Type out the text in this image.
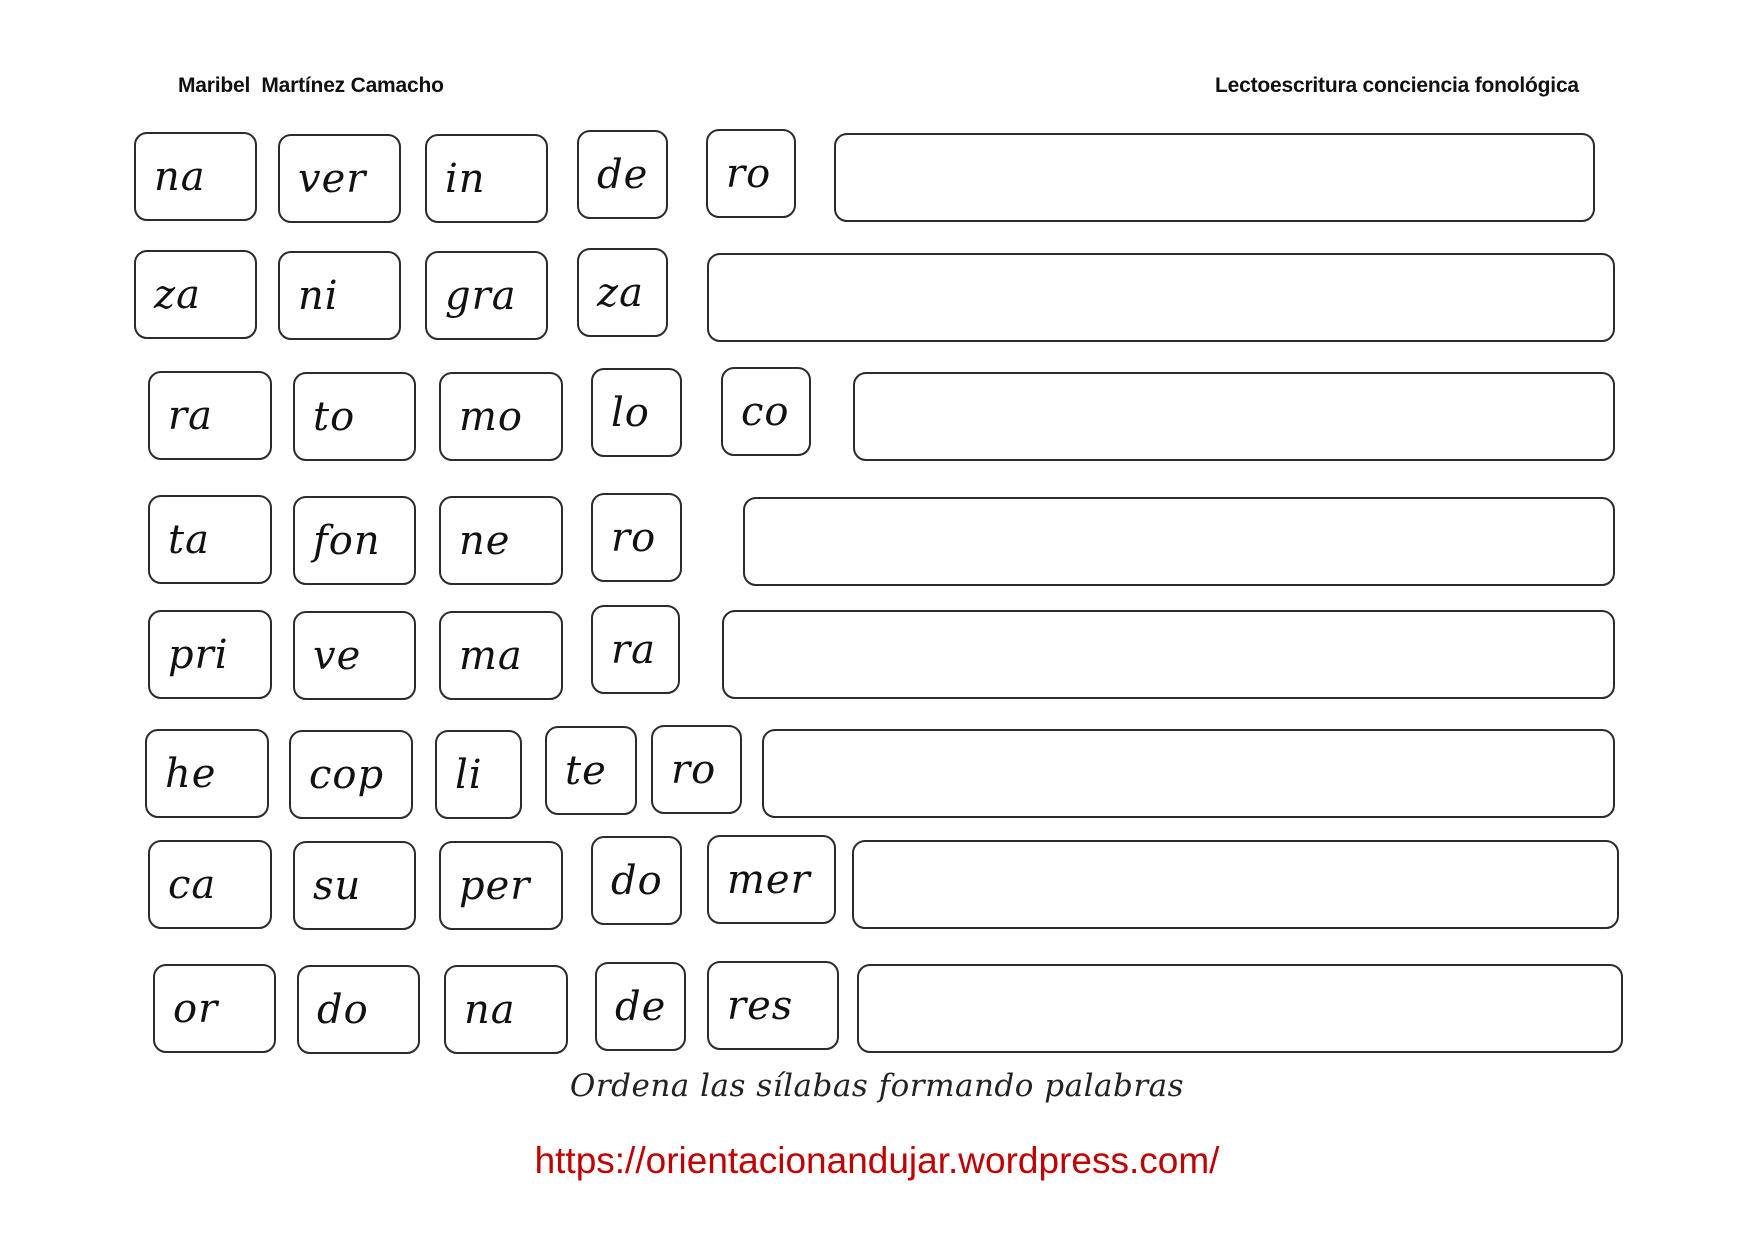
Maribel  Martínez Camacho	Lectoescritura conciencia fonológica
na	ver	in	de	ro
za	ni	gra	za
ra	to	mo	lo	co
ta	fon	ne	ro
pri	ve	ma	ra
he	cop	li	te	ro
ca	su	per	do	mer
or	do	na	de	res
Ordena las sílabas formando palabras
https://orientacionandujar.wordpress.com/
